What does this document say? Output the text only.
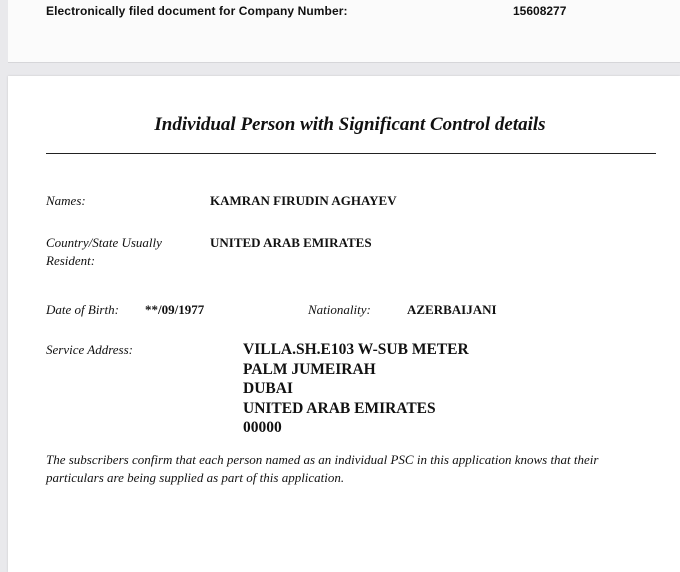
Electronically filed document for Company Number:	15608277
Individual Person with Significant Control details
Names:	KAMRAN FIRUDIN AGHAYEV
Country/State Usually
Resident:
UNITED ARAB EMIRATES
Date of Birth: **/09/1977	Nationality:	AZERBAIJANI
Service Address:	VILLA.SH.E103 W-SUB METER
PALM JUMEIRAH
DUBAI
UNITED ARAB EMIRATES
00000
The subscribers confirm that each person named as an individual PSC in this application knows that their particulars are being supplied as part of this application.
